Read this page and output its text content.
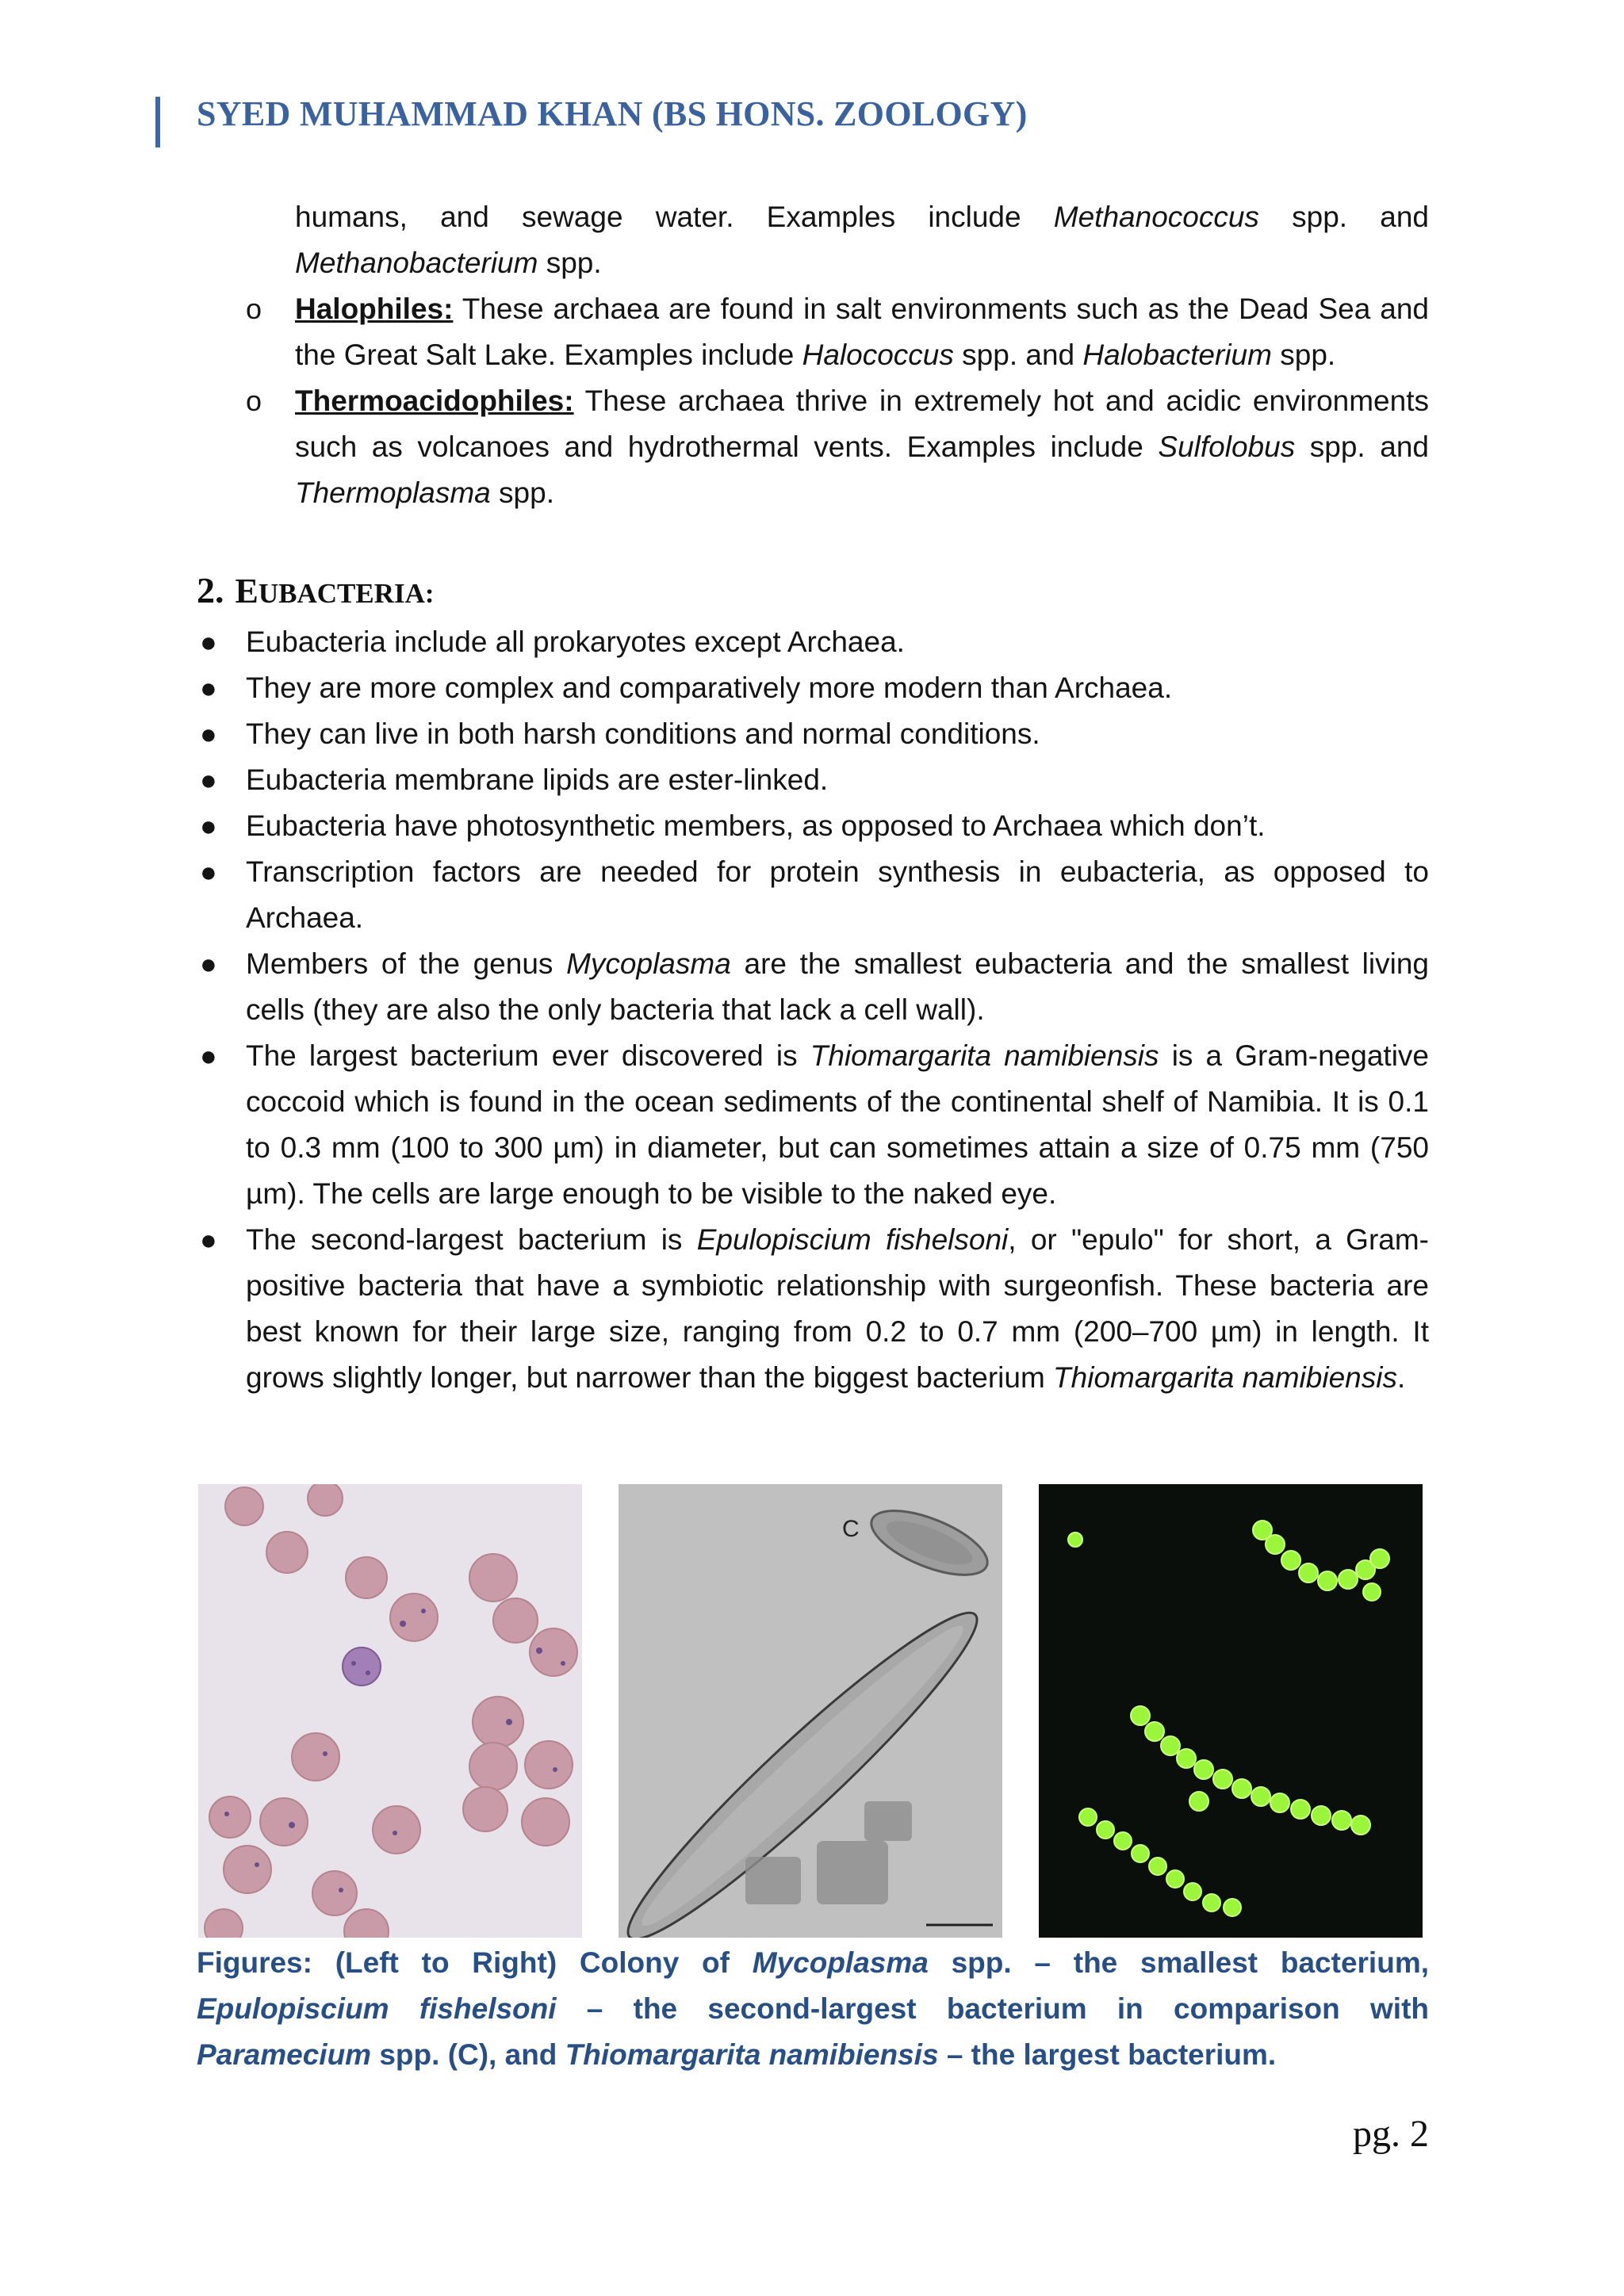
SYED MUHAMMAD KHAN (BS HONS. ZOOLOGY)
humans, and sewage water. Examples include Methanococcus spp. and Methanobacterium spp.
o Halophiles: These archaea are found in salt environments such as the Dead Sea and the Great Salt Lake. Examples include Halococcus spp. and Halobacterium spp.
o Thermoacidophiles: These archaea thrive in extremely hot and acidic environments such as volcanoes and hydrothermal vents. Examples include Sulfolobus spp. and Thermoplasma spp.
2. EUBACTERIA:
● Eubacteria include all prokaryotes except Archaea.
● They are more complex and comparatively more modern than Archaea.
● They can live in both harsh conditions and normal conditions.
● Eubacteria membrane lipids are ester-linked.
● Eubacteria have photosynthetic members, as opposed to Archaea which don’t.
● Transcription factors are needed for protein synthesis in eubacteria, as opposed to Archaea.
● Members of the genus Mycoplasma are the smallest eubacteria and the smallest living cells (they are also the only bacteria that lack a cell wall).
● The largest bacterium ever discovered is Thiomargarita namibiensis is a Gram-negative coccoid which is found in the ocean sediments of the continental shelf of Namibia. It is 0.1 to 0.3 mm (100 to 300 µm) in diameter, but can sometimes attain a size of 0.75 mm (750 µm). The cells are large enough to be visible to the naked eye.
● The second-largest bacterium is Epulopiscium fishelsoni, or "epulo" for short, a Gram-positive bacteria that have a symbiotic relationship with surgeonfish. These bacteria are best known for their large size, ranging from 0.2 to 0.7 mm (200–700 µm) in length. It grows slightly longer, but narrower than the biggest bacterium Thiomargarita namibiensis.
C
Figures: (Left to Right) Colony of Mycoplasma spp. – the smallest bacterium, Epulopiscium fishelsoni – the second-largest bacterium in comparison with Paramecium spp. (C), and Thiomargarita namibiensis – the largest bacterium.
pg. 2
